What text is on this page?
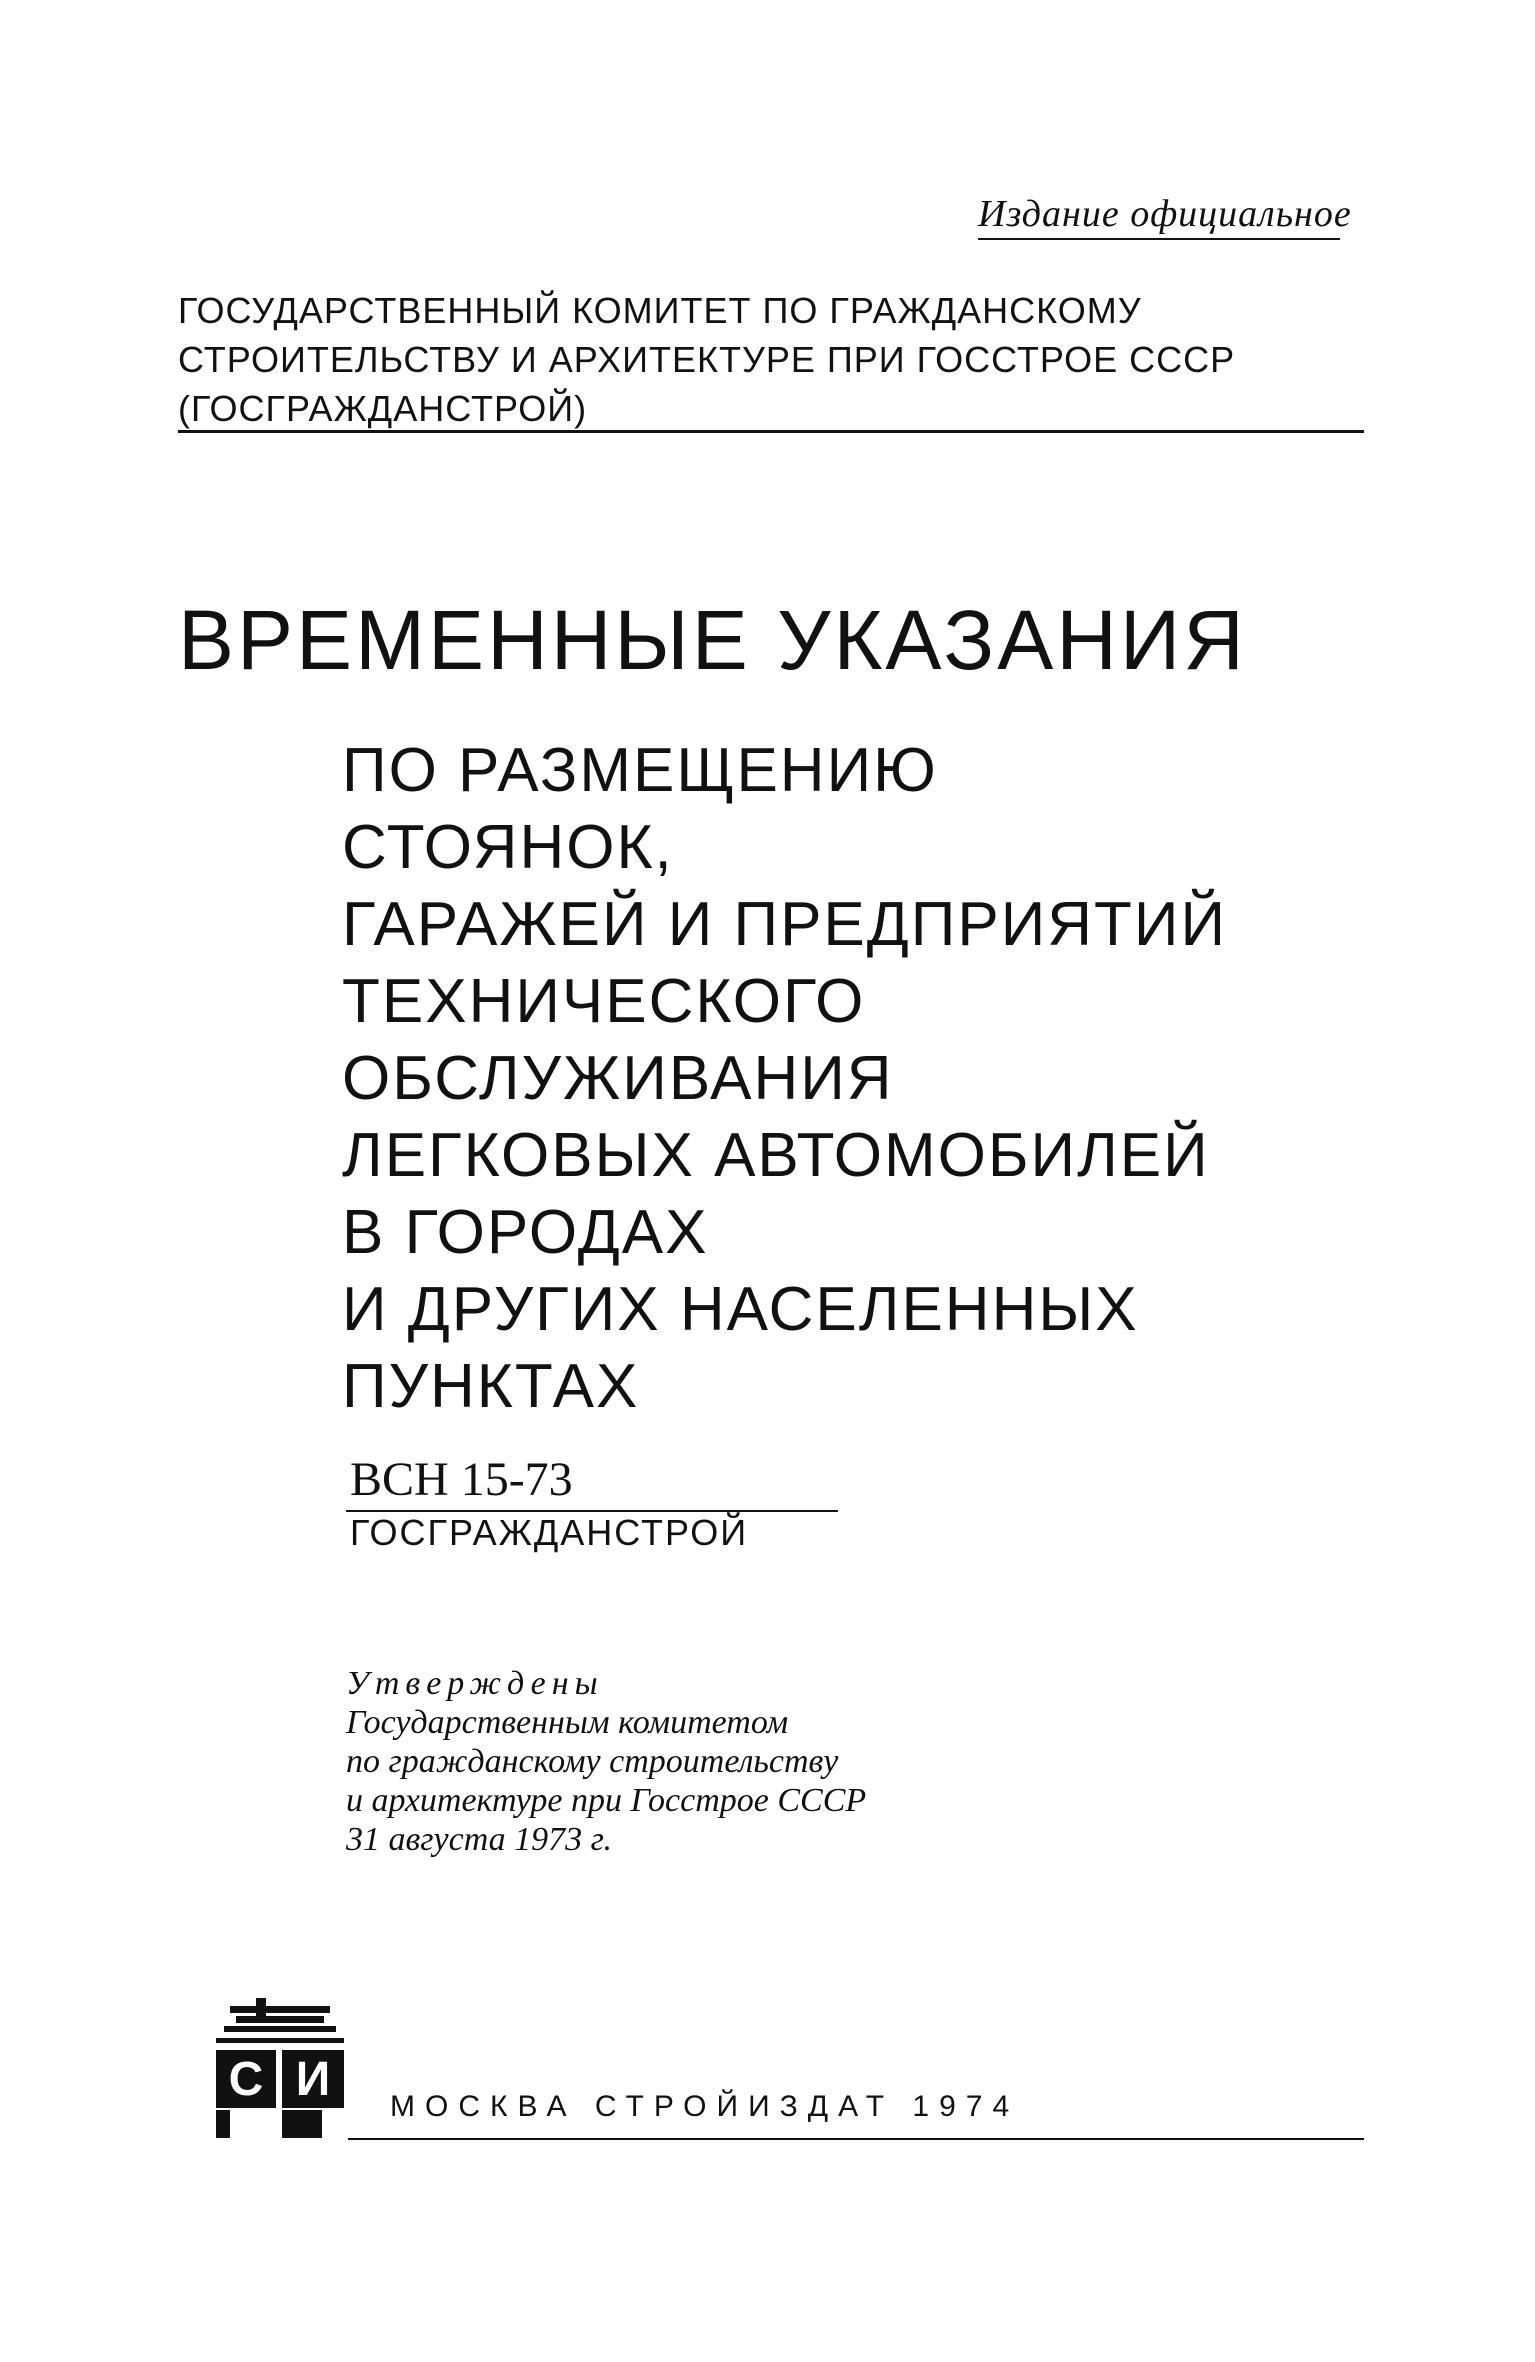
Издание официальное
ГОСУДАРСТВЕННЫЙ КОМИТЕТ ПО ГРАЖДАНСКОМУ
СТРОИТЕЛЬСТВУ И АРХИТЕКТУРЕ ПРИ ГОССТРОЕ СССР
(ГОСГРАЖДАНСТРОЙ)
ВРЕМЕННЫЕ УКАЗАНИЯ
ПО РАЗМЕЩЕНИЮ
СТОЯНОК,
ГАРАЖЕЙ И ПРЕДПРИЯТИЙ
ТЕХНИЧЕСКОГО
ОБСЛУЖИВАНИЯ
ЛЕГКОВЫХ АВТОМОБИЛЕЙ
В ГОРОДАХ
И ДРУГИХ НАСЕЛЕННЫХ
ПУНКТАХ
ВСН 15-73
ГОСГРАЖДАНСТРОЙ
Утверждены
Государственным комитетом
по гражданскому строительству
и архитектуре при Госстрое СССР
31 августа 1973 г.
С И
МОСКВА СТРОЙИЗДАТ 1974
